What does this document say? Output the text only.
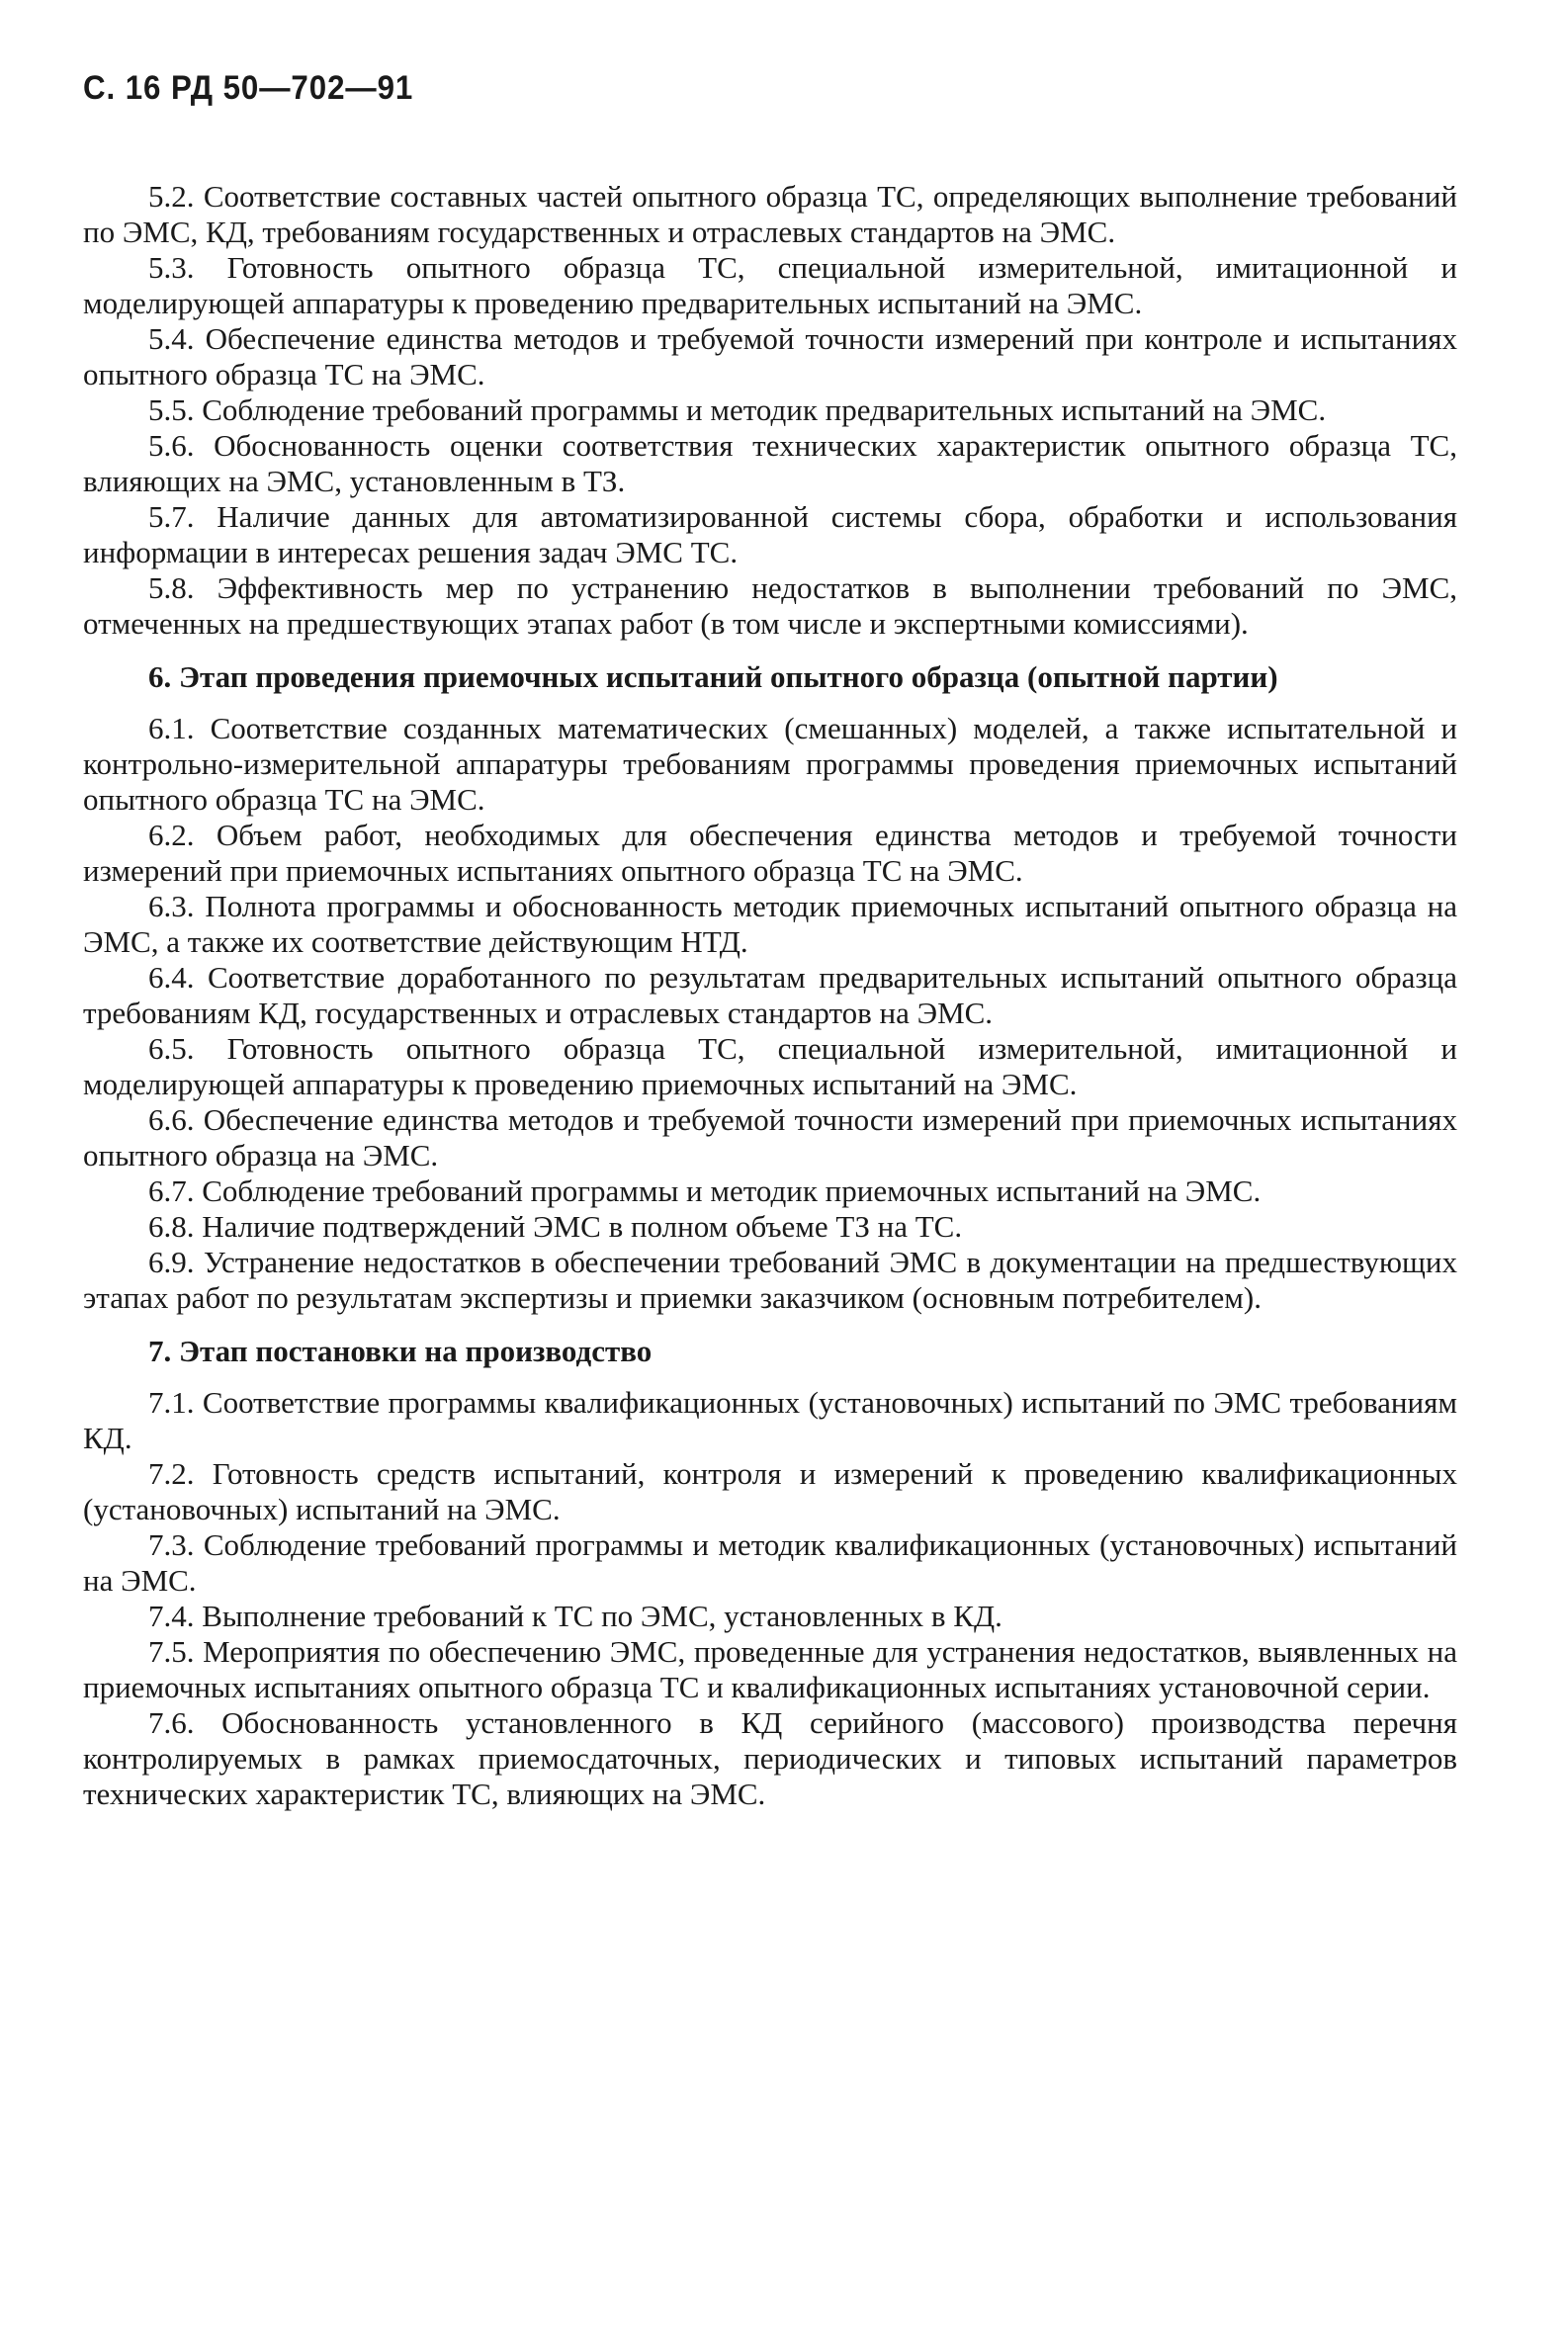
С. 16 РД 50—702—91

5.2. Соответствие составных частей опытного образца ТС, определяющих выполнение требований по ЭМС, КД, требованиям государственных и отраслевых стандартов на ЭМС.

5.3. Готовность опытного образца ТС, специальной измерительной, имитационной и моделирующей аппаратуры к проведению предварительных испытаний на ЭМС.

5.4. Обеспечение единства методов и требуемой точности измерений при контроле и испытаниях опытного образца ТС на ЭМС.

5.5. Соблюдение требований программы и методик предварительных испытаний на ЭМС.

5.6. Обоснованность оценки соответствия технических характеристик опытного образца ТС, влияющих на ЭМС, установленным в ТЗ.

5.7. Наличие данных для автоматизированной системы сбора, обработки и использования информации в интересах решения задач ЭМС ТС.

5.8. Эффективность мер по устранению недостатков в выполнении требований по ЭМС, отмеченных на предшествующих этапах работ (в том числе и экспертными комиссиями).

6. Этап проведения приемочных испытаний опытного образца (опытной партии)

6.1. Соответствие созданных математических (смешанных) моделей, а также испытательной и контрольно-измерительной аппаратуры требованиям программы проведения приемочных испытаний опытного образца ТС на ЭМС.

6.2. Объем работ, необходимых для обеспечения единства методов и требуемой точности измерений при приемочных испытаниях опытного образца ТС на ЭМС.

6.3. Полнота программы и обоснованность методик приемочных испытаний опытного образца на ЭМС, а также их соответствие действующим НТД.

6.4. Соответствие доработанного по результатам предварительных испытаний опытного образца требованиям КД, государственных и отраслевых стандартов на ЭМС.

6.5. Готовность опытного образца ТС, специальной измерительной, имитационной и моделирующей аппаратуры к проведению приемочных испытаний на ЭМС.

6.6. Обеспечение единства методов и требуемой точности измерений при приемочных испытаниях опытного образца на ЭМС.

6.7. Соблюдение требований программы и методик приемочных испытаний на ЭМС.

6.8. Наличие подтверждений ЭМС в полном объеме ТЗ на ТС.

6.9. Устранение недостатков в обеспечении требований ЭМС в документации на предшествующих этапах работ по результатам экспертизы и приемки заказчиком (основным потребителем).

7. Этап постановки на производство

7.1. Соответствие программы квалификационных (установочных) испытаний по ЭМС требованиям КД.

7.2. Готовность средств испытаний, контроля и измерений к проведению квалификационных (установочных) испытаний на ЭМС.

7.3. Соблюдение требований программы и методик квалификационных (установочных) испытаний на ЭМС.

7.4. Выполнение требований к ТС по ЭМС, установленных в КД.

7.5. Мероприятия по обеспечению ЭМС, проведенные для устранения недостатков, выявленных на приемочных испытаниях опытного образца ТС и квалификационных испытаниях установочной серии.

7.6. Обоснованность установленного в КД серийного (массового) производства перечня контролируемых в рамках приемосдаточных, периодических и типовых испытаний параметров технических характеристик ТС, влияющих на ЭМС.
